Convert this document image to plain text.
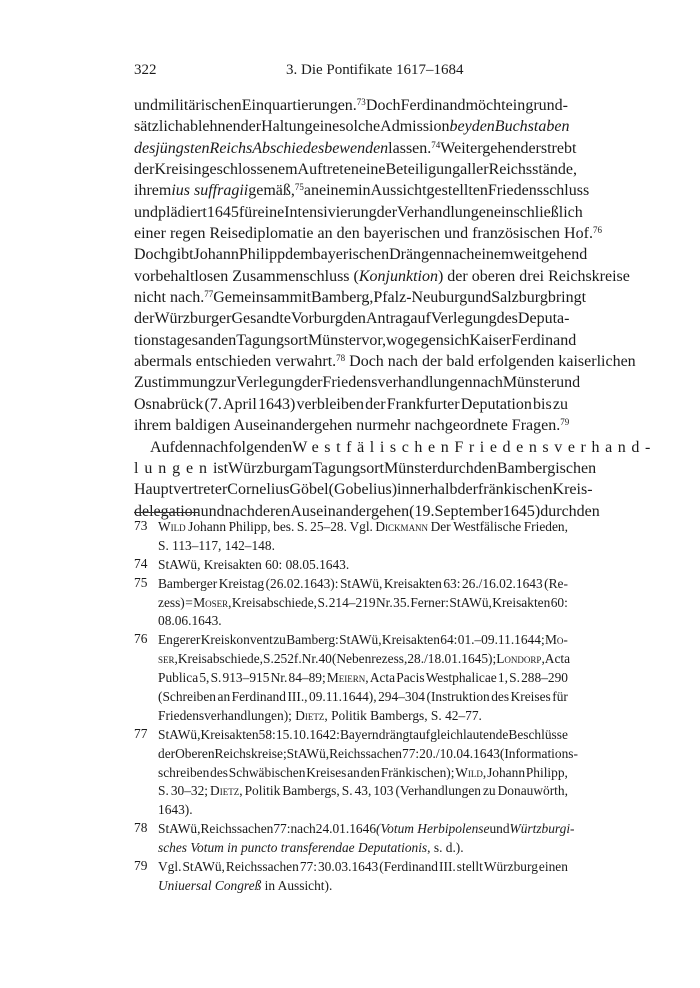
322	3. Die Pontifikate 1617–1684
und militärischen Einquartierungen.$^{73}$ Doch Ferdinand möchte in grund-
sätzlich ablehnender Haltung eine solche Admission bey den Buchstaben
des jüngsten Reichs Abschiedes bewenden lassen.$^{74}$ Weitergehend erstrebt
der Kreis in geschlossenem Auftreten eine Beteiligung aller Reichsstände,
ihrem ius suffragii gemäß,$^{75}$ an einem in Aussicht gestellten Friedensschluss
und plädiert 1645 für eine Intensivierung der Verhandlungen einschließlich
einer regen Reisediplomatie an den bayerischen und französischen Hof.$^{76}$
Doch gibt Johann Philipp dem bayerischen Drängen nach einem weitgehend
vorbehaltlosen Zusammenschluss (Konjunktion) der oberen drei Reichskreise
nicht nach.$^{77}$ Gemeinsam mit Bamberg, Pfalz-Neuburg und Salzburg bringt
der Würzburger Gesandte Vorburg den Antrag auf Verlegung des Deputa-
tionstages an den Tagungsort Münster vor, wogegen sich Kaiser Ferdinand
abermals entschieden verwahrt.$^{78}$ Doch nach der bald erfolgenden kaiserlichen
Zustimmung zur Verlegung der Friedensverhandlungen nach Münster und
Osnabrück (7. April 1643) verbleiben der Frankfurter Deputation bis zu
ihrem baldigen Auseinandergehen nurmehr nachgeordnete Fragen.$^{79}$
Auf den nachfolgenden Westfälischen Friedensverhand-
lungen ist Würzburg am Tagungsort Münster durch den Bambergischen
Hauptvertreter Cornelius Göbel (Gobelius) innerhalb der fränkischen Kreis-
delegation und nach deren Auseinandergehen (19. September 1645) durch den
73 Wild Johann Philipp, bes. S. 25–28. Vgl. Dickmann Der Westfälische Frieden,
S. 113–117, 142–148.
74 StAWü, Kreisakten 60: 08.05.1643.
75 Bamberger Kreistag (26.02.1643): StAWü, Kreisakten 63: 26./16.02.1643 (Re-
zess) = Moser, Kreisabschiede, S. 214–219 Nr. 35. Ferner: StAWü, Kreisakten 60:
08.06.1643.
76 Engerer Kreiskonvent zu Bamberg: StAWü, Kreisakten 64: 01.–09.11.1644; Mo-
ser, Kreisabschiede, S. 252 f. Nr. 40 (Nebenrezess, 28./18.01.1645); Londorp, Acta
Publica 5, S. 913–915 Nr. 84–89; Meiern, Acta Pacis Westphalicae 1, S. 288–290
(Schreiben an Ferdinand III., 09.11.1644), 294–304 (Instruktion des Kreises für
Friedensverhandlungen); Dietz, Politik Bambergs, S. 42–77.
77 StAWü, Kreisakten 58: 15.10.1642: Bayern drängt auf gleichlautende Beschlüsse
der Oberen Reichskreise; StAWü, Reichssachen 77: 20./10.04.1643 (Informations-
schreiben des Schwäbischen Kreises an den Fränkischen); Wild, Johann Philipp,
S. 30–32; Dietz, Politik Bambergs, S. 43, 103 (Verhandlungen zu Donauwörth,
1643).
78 StAWü, Reichssachen 77: nach 24.01.1646 (Votum Herbipolense und Würtzburgi-
sches Votum in puncto transferendae Deputationis, s. d.).
79 Vgl. StAWü, Reichssachen 77: 30.03.1643 (Ferdinand III. stellt Würzburg einen
Uniuersal Congreß in Aussicht).
